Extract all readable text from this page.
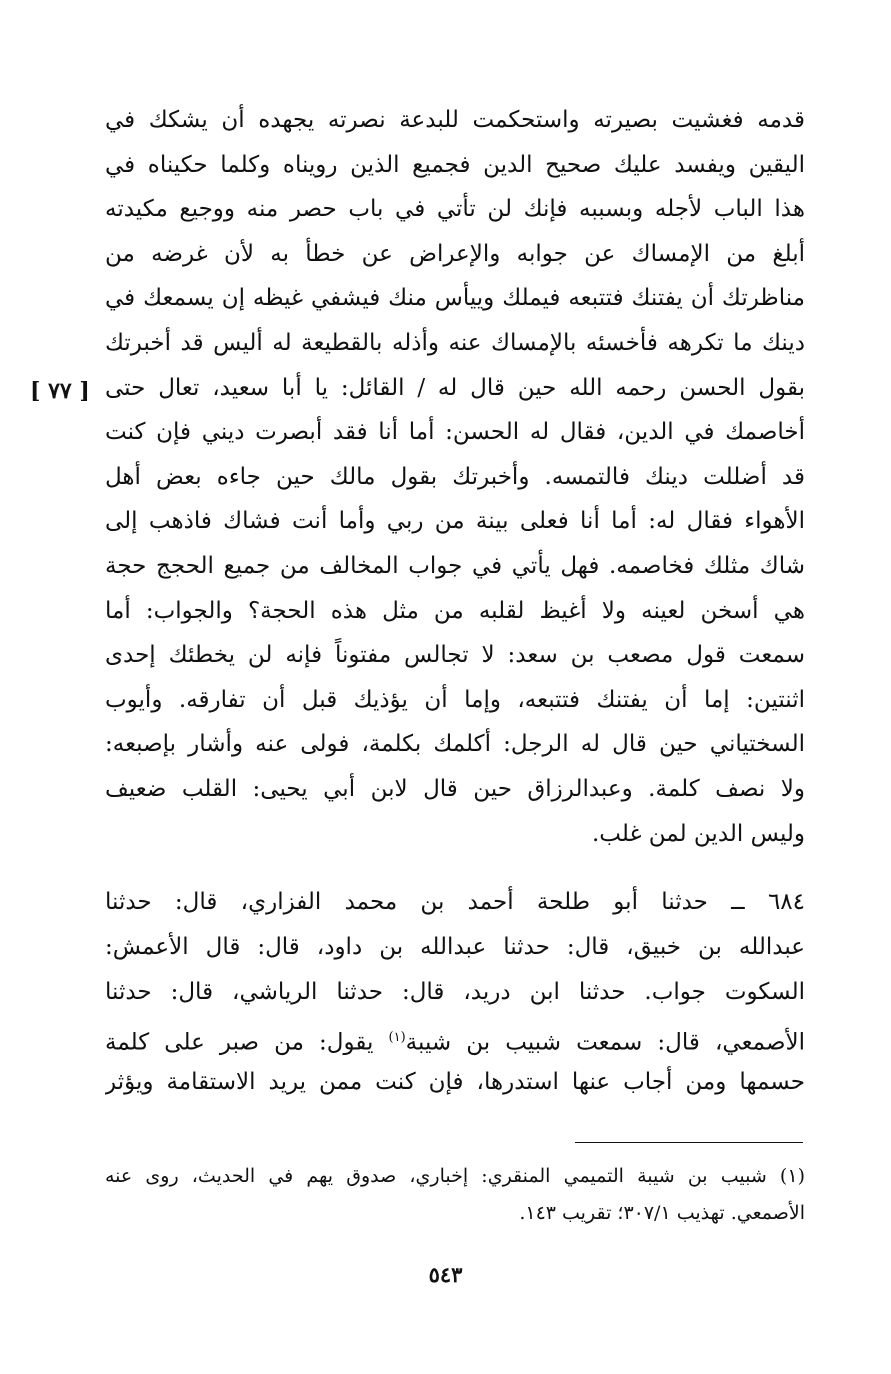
قدمه فغشيت بصيرته واستحكمت للبدعة نصرته يجهده أن يشكك في
اليقين ويفسد عليك صحيح الدين فجميع الذين رويناه وكلما حكيناه في
هذا الباب لأجله وبسببه فإنك لن تأتي في باب حصر منه ووجيع مكيدته
أبلغ من الإمساك عن جوابه والإعراض عن خطأ به لأن غرضه من
مناظرتك أن يفتنك فتتبعه فيملك وييأس منك فيشفي غيظه إن يسمعك في
دينك ما تكرهه فأخسئه بالإمساك عنه وأذله بالقطيعة له أليس قد أخبرتك
بقول الحسن رحمه الله حين قال له / القائل: يا أبا سعيد، تعال حتى
أخاصمك في الدين، فقال له الحسن: أما أنا فقد أبصرت ديني فإن كنت
قد أضللت دينك فالتمسه. وأخبرتك بقول مالك حين جاءه بعض أهل
الأهواء فقال له: أما أنا فعلى بينة من ربي وأما أنت فشاك فاذهب إلى
شاك مثلك فخاصمه. فهل يأتي في جواب المخالف من جميع الحجج حجة
هي أسخن لعينه ولا أغيظ لقلبه من مثل هذه الحجة؟ والجواب: أما
سمعت قول مصعب بن سعد: لا تجالس مفتوناً فإنه لن يخطئك إحدى
اثنتين: إما أن يفتنك فتتبعه، وإما أن يؤذيك قبل أن تفارقه. وأيوب
السختياني حين قال له الرجل: أكلمك بكلمة، فولى عنه وأشار بإصبعه:
ولا نصف كلمة. وعبدالرزاق حين قال لابن أبي يحيى: القلب ضعيف
وليس الدين لمن غلب.
[ ٧٧ ]
٦٨٤ ــ حدثنا أبو طلحة أحمد بن محمد الفزاري، قال: حدثنا
عبدالله بن خبيق، قال: حدثنا عبدالله بن داود، قال: قال الأعمش:
السكوت جواب. حدثنا ابن دريد، قال: حدثنا الرياشي، قال: حدثنا
الأصمعي، قال: سمعت شبيب بن شيبة$^{(١)}$ يقول: من صبر على كلمة
حسمها ومن أجاب عنها استدرها، فإن كنت ممن يريد الاستقامة ويؤثر
(١) شبيب بن شيبة التميمي المنقري: إخباري، صدوق يهم في الحديث، روى عنه
الأصمعي. تهذيب ٣٠٧/١؛ تقريب ١٤٣.
٥٤٣
